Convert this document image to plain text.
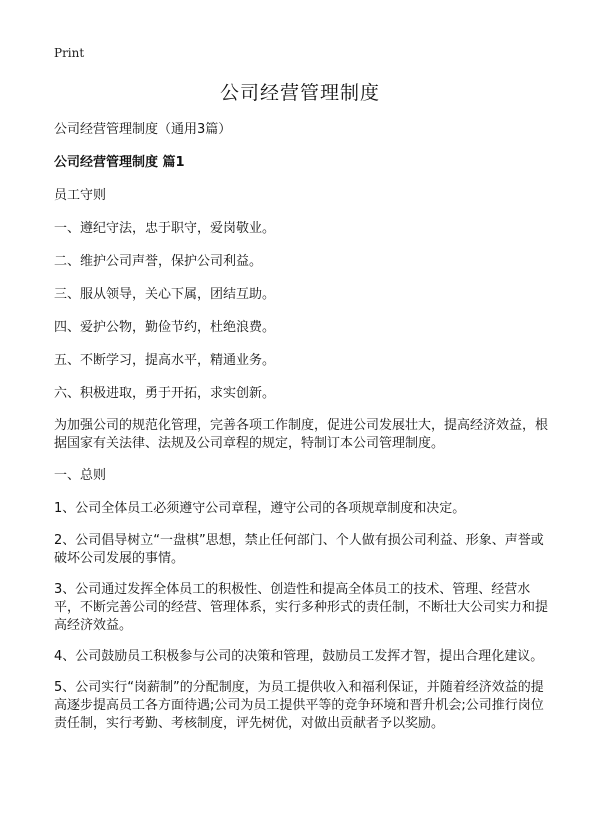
Print
公司经营管理制度

公司经营管理制度（通用3篇）

公司经营管理制度 篇1

员工守则

一、遵纪守法，忠于职守，爱岗敬业。

二、维护公司声誉，保护公司利益。

三、服从领导，关心下属，团结互助。

四、爱护公物，勤俭节约，杜绝浪费。

五、不断学习，提高水平，精通业务。

六、积极进取，勇于开拓，求实创新。

为加强公司的规范化管理，完善各项工作制度，促进公司发展壮大，提高经济效益，根据国家有关法律、法规及公司章程的规定，特制订本公司管理制度。

一、总则

1、公司全体员工必须遵守公司章程，遵守公司的各项规章制度和决定。

2、公司倡导树立“一盘棋”思想，禁止任何部门、个人做有损公司利益、形象、声誉或破坏公司发展的事情。

3、公司通过发挥全体员工的积极性、创造性和提高全体员工的技术、管理、经营水平，不断完善公司的经营、管理体系，实行多种形式的责任制，不断壮大公司实力和提高经济效益。

4、公司鼓励员工积极参与公司的决策和管理，鼓励员工发挥才智，提出合理化建议。

5、公司实行“岗薪制”的分配制度，为员工提供收入和福利保证，并随着经济效益的提高逐步提高员工各方面待遇;公司为员工提供平等的竞争环境和晋升机会;公司推行岗位责任制，实行考勤、考核制度，评先树优，对做出贡献者予以奖励。
